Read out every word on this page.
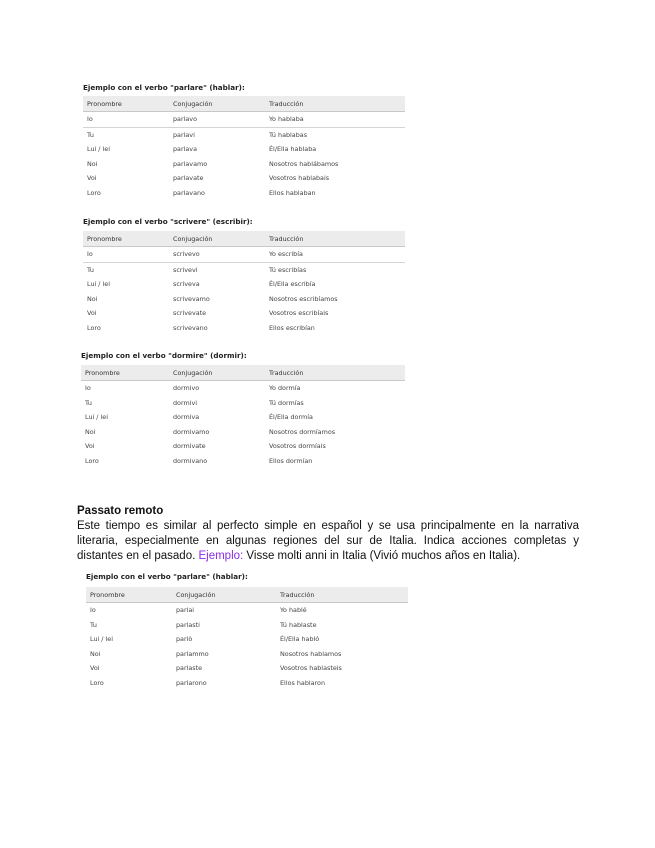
Ejemplo con el verbo "parlare" (hablar):
Pronombre	Conjugación	Traducción
Io	parlavo	Yo hablaba
Tu	parlavi	Tú hablabas
Lui / lei	parlava	Él/Ella hablaba
Noi	parlavamo	Nosotros hablábamos
Voi	parlavate	Vosotros hablabais
Loro	parlavano	Ellos hablaban
Ejemplo con el verbo "scrivere" (escribir):
Pronombre	Conjugación	Traducción
Io	scrivevo	Yo escribía
Tu	scrivevi	Tú escribías
Lui / lei	scriveva	Él/Ella escribía
Noi	scrivevamo	Nosotros escribíamos
Voi	scrivevate	Vosotros escribíais
Loro	scrivevano	Ellos escribían
Ejemplo con el verbo "dormire" (dormir):
Pronombre	Conjugación	Traducción
Io	dormivo	Yo dormía
Tu	dormivi	Tú dormías
Lui / lei	dormiva	Él/Ella dormía
Noi	dormivamo	Nosotros dormíamos
Voi	dormivate	Vosotros dormíais
Loro	dormivano	Ellos dormían
Passato remoto
Este tiempo es similar al perfecto simple en español y se usa principalmente en la narrativa literaria, especialmente en algunas regiones del sur de Italia. Indica acciones completas y distantes en el pasado. Ejemplo: Visse molti anni in Italia (Vivió muchos años en Italia).
Ejemplo con el verbo "parlare" (hablar):
Pronombre	Conjugación	Traducción
Io	parlai	Yo hablé
Tu	parlasti	Tú hablaste
Lui / lei	parlò	Él/Ella habló
Noi	parlammo	Nosotros hablamos
Voi	parlaste	Vosotros hablasteis
Loro	parlarono	Ellos hablaron
